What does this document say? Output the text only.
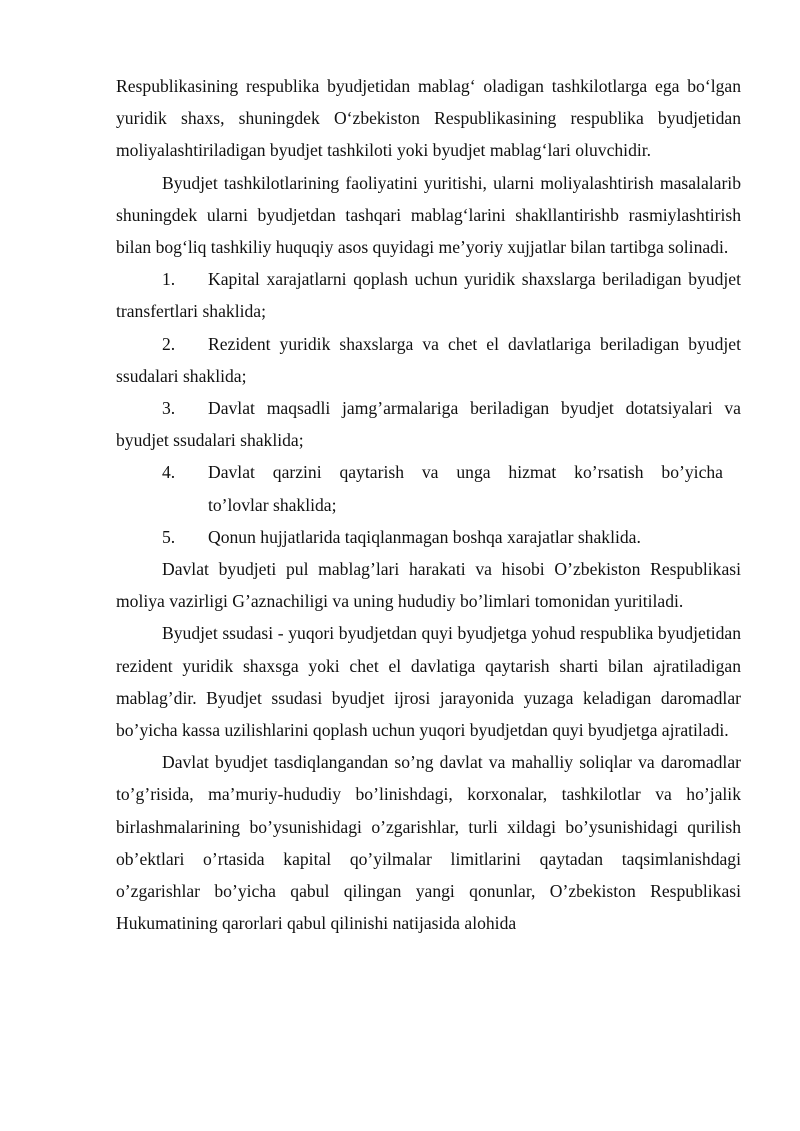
Respublikasining respublika byudjetidan mablag‘ oladigan tashkilotlarga ega bo‘lgan yuridik shaxs, shuningdek O‘zbekiston Respublikasining respublika byudjetidan moliyalashtiriladigan byudjet tashkiloti yoki byudjet mablag‘lari oluvchidir.

Byudjet tashkilotlarining faoliyatini yuritishi, ularni moliyalashtirish masalalarib shuningdek ularni byudjetdan tashqari mablag‘larini shakllantirishb rasmiylashtirish bilan bog‘liq tashkiliy huquqiy asos quyidagi me’yoriy xujjatlar bilan tartibga solinadi.

1. Kapital xarajatlarni qoplash uchun yuridik shaxslarga beriladigan byudjet transfertlari shaklida;

2. Rezident yuridik shaxslarga va chet el davlatlariga beriladigan byudjet ssudalari shaklida;

3. Davlat maqsadli jamg’armalariga beriladigan byudjet dotatsiyalari va byudjet ssudalari shaklida;

4. Davlat qarzini qaytarish va unga hizmat ko’rsatish bo’yicha
to’lovlar shaklida;

5. Qonun hujjatlarida taqiqlanmagan boshqa xarajatlar shaklida.

Davlat byudjeti pul mablag’lari harakati va hisobi O’zbekiston Respublikasi moliya vazirligi G’aznachiligi va uning hududiy bo’limlari tomonidan yuritiladi.

Byudjet ssudasi - yuqori byudjetdan quyi byudjetga yohud respublika byudjetidan rezident yuridik shaxsga yoki chet el davlatiga qaytarish sharti bilan ajratiladigan mablag’dir. Byudjet ssudasi byudjet ijrosi jarayonida yuzaga keladigan daromadlar bo’yicha kassa uzilishlarini qoplash uchun yuqori byudjetdan quyi byudjetga ajratiladi.

Davlat byudjet tasdiqlangandan so’ng davlat va mahalliy soliqlar va daromadlar to’g’risida, ma’muriy-hududiy bo’linishdagi, korxonalar, tashkilotlar va ho’jalik birlashmalarining bo’ysunishidagi o’zgarishlar, turli xildagi bo’ysunishidagi qurilish ob’ektlari o’rtasida kapital qo’yilmalar limitlarini qaytadan taqsimlanishdagi o’zgarishlar bo’yicha qabul qilingan yangi qonunlar, O’zbekiston Respublikasi Hukumatining qarorlari qabul qilinishi natijasida alohida
